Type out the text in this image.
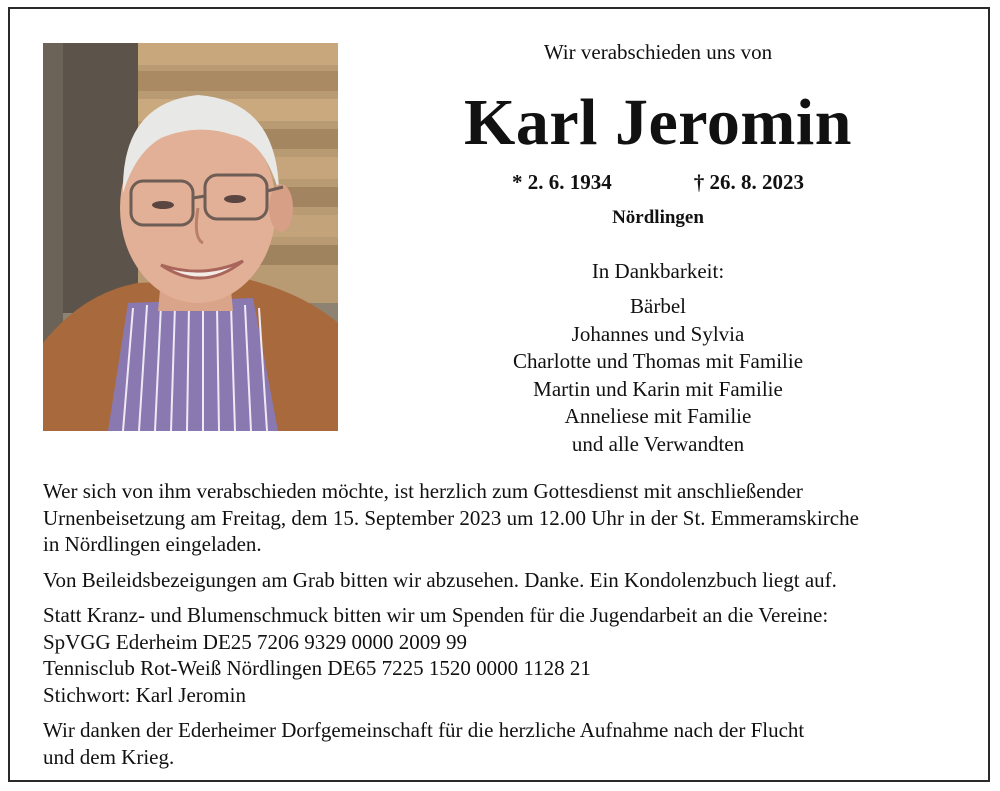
Wir verabschieden uns von
Karl Jeromin
* 2. 6. 1934	† 26. 8. 2023
Nördlingen
In Dankbarkeit:
Bärbel
Johannes und Sylvia
Charlotte und Thomas mit Familie
Martin und Karin mit Familie
Anneliese mit Familie
und alle Verwandten

Wer sich von ihm verabschieden möchte, ist herzlich zum Gottesdienst mit anschließender
Urnenbeisetzung am Freitag, dem 15. September 2023 um 12.00 Uhr in der St. Emmeramskirche
in Nördlingen eingeladen.

Von Beileidsbezeigungen am Grab bitten wir abzusehen. Danke. Ein Kondolenzbuch liegt auf.

Statt Kranz- und Blumenschmuck bitten wir um Spenden für die Jugendarbeit an die Vereine:
SpVGG Ederheim DE25 7206 9329 0000 2009 99
Tennisclub Rot-Weiß Nördlingen DE65 7225 1520 0000 1128 21
Stichwort: Karl Jeromin

Wir danken der Ederheimer Dorfgemeinschaft für die herzliche Aufnahme nach der Flucht
und dem Krieg.
